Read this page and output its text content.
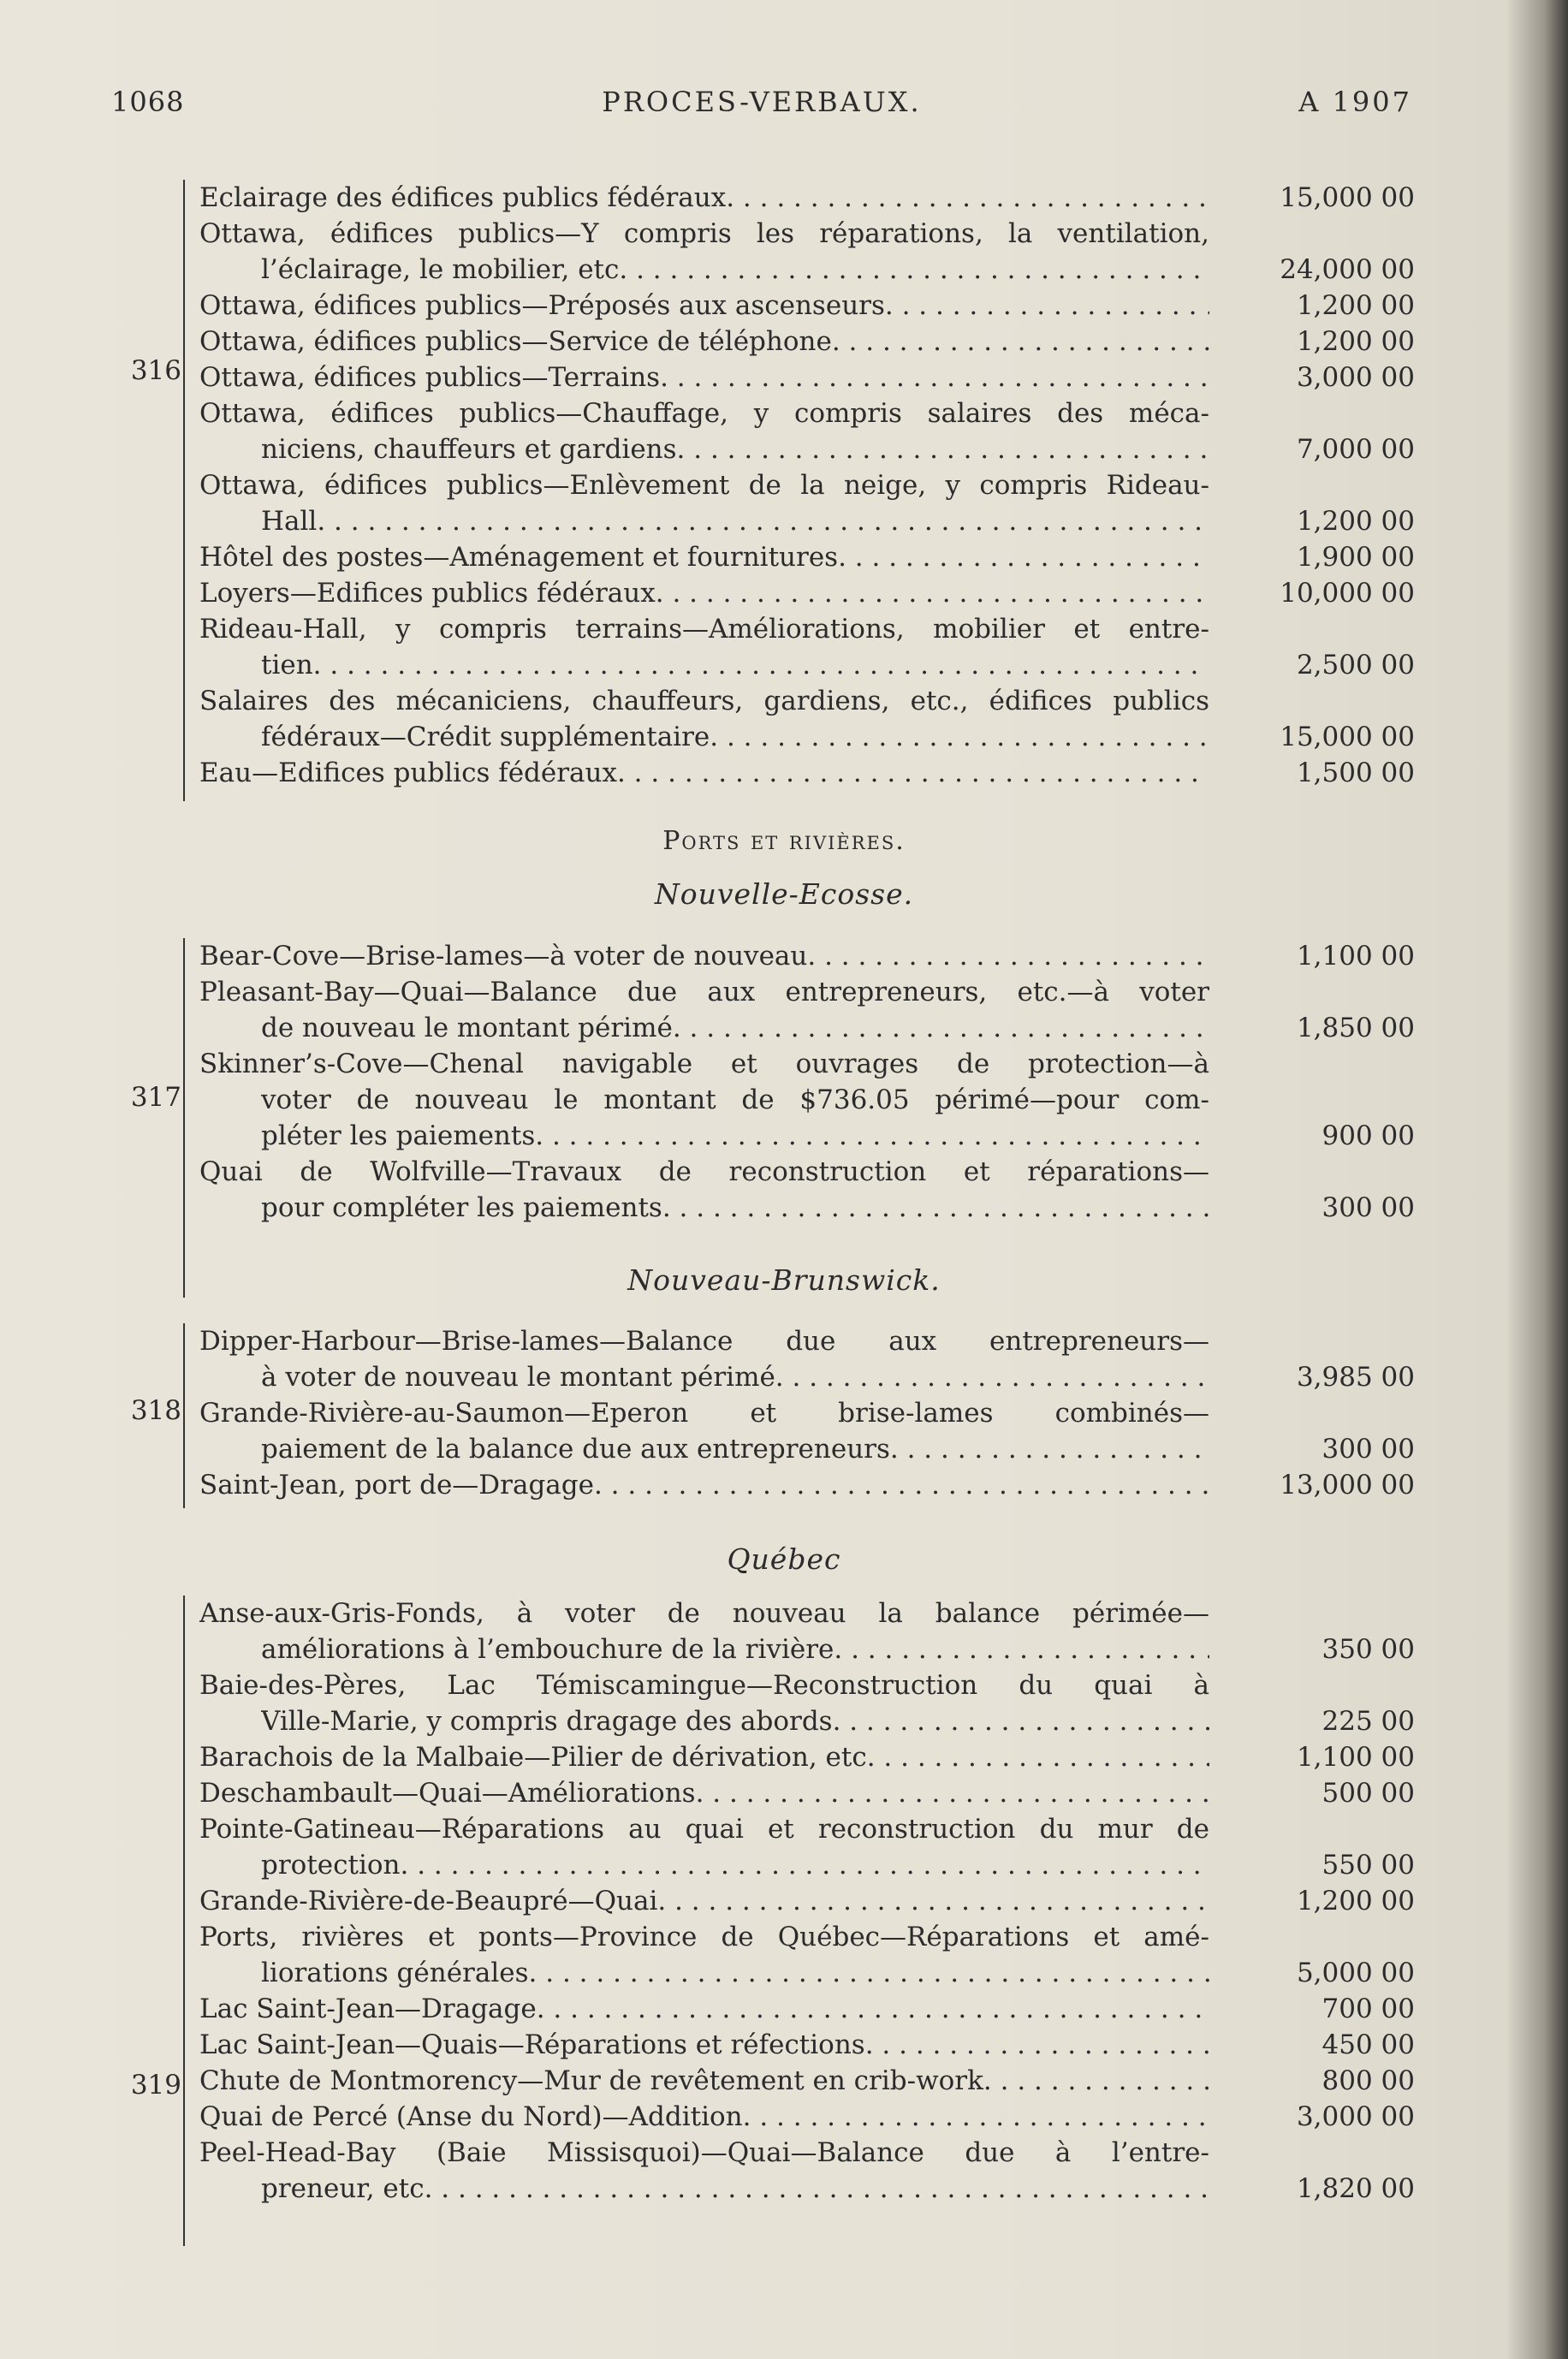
1068	PROCES-VERBAUX.	A 1907
316
Eclairage des édifices publics fédéraux. . . . .	15,000 00
Ottawa, édifices publics—Y compris les réparations, la ventilation,
l’éclairage, le mobilier, etc. . . . .	24,000 00
Ottawa, édifices publics—Préposés aux ascenseurs. . . . .	1,200 00
Ottawa, édifices publics—Service de téléphone. . . . .	1,200 00
Ottawa, édifices publics—Terrains. . . . .	3,000 00
Ottawa, édifices publics—Chauffage, y compris salaires des méca-
niciens, chauffeurs et gardiens. . . . .	7,000 00
Ottawa, édifices publics—Enlèvement de la neige, y compris Rideau-
Hall. . . . .	1,200 00
Hôtel des postes—Aménagement et fournitures. . . . .	1,900 00
Loyers—Edifices publics fédéraux. . . . .	10,000 00
Rideau-Hall, y compris terrains—Améliorations, mobilier et entre-
tien. . . . .	2,500 00
Salaires des mécaniciens, chauffeurs, gardiens, etc., édifices publics
fédéraux—Crédit supplémentaire. . . . .	15,000 00
Eau—Edifices publics fédéraux. . . . .	1,500 00
Ports et rivières.
Nouvelle-Ecosse.
317
Bear-Cove—Brise-lames—à voter de nouveau. . . . .	1,100 00
Pleasant-Bay—Quai—Balance due aux entrepreneurs, etc.—à voter
de nouveau le montant périmé. . . . .	1,850 00
Skinner’s-Cove—Chenal navigable et ouvrages de protection—à
voter de nouveau le montant de $736.05 périmé—pour com-
pléter les paiements. . . . .	900 00
Quai de Wolfville—Travaux de reconstruction et réparations—
pour compléter les paiements. . . . .	300 00
Nouveau-Brunswick.
318
Dipper-Harbour—Brise-lames—Balance due aux entrepreneurs—
à voter de nouveau le montant périmé. . . . .	3,985 00
Grande-Rivière-au-Saumon—Eperon et brise-lames combinés—
paiement de la balance due aux entrepreneurs. . . . .	300 00
Saint-Jean, port de—Dragage. . . . .	13,000 00
Québec
319
Anse-aux-Gris-Fonds, à voter de nouveau la balance périmée—
améliorations à l’embouchure de la rivière. . . . .	350 00
Baie-des-Pères, Lac Témiscamingue—Reconstruction du quai à
Ville-Marie, y compris dragage des abords. . . . .	225 00
Barachois de la Malbaie—Pilier de dérivation, etc. . . . .	1,100 00
Deschambault—Quai—Améliorations. . . . .	500 00
Pointe-Gatineau—Réparations au quai et reconstruction du mur de
protection. . . . .	550 00
Grande-Rivière-de-Beaupré—Quai. . . . .	1,200 00
Ports, rivières et ponts—Province de Québec—Réparations et amé-
liorations générales. . . . .	5,000 00
Lac Saint-Jean—Dragage. . . . .	700 00
Lac Saint-Jean—Quais—Réparations et réfections. . . . .	450 00
Chute de Montmorency—Mur de revêtement en crib-work. . . . .	800 00
Quai de Percé (Anse du Nord)—Addition. . . . .	3,000 00
Peel-Head-Bay (Baie Missisquoi)—Quai—Balance due à l’entre-
preneur, etc. . . . .	1,820 00
